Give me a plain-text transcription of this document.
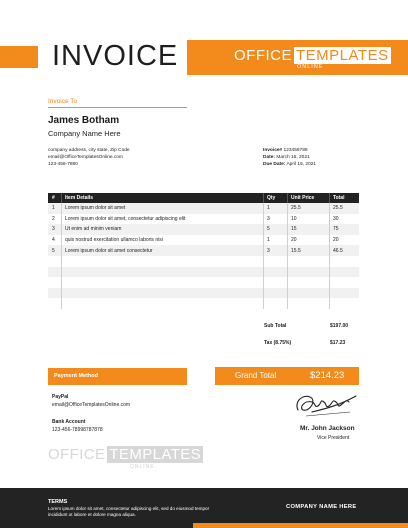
INVOICE	OFFICE TEMPLATES
ONLINE
Invoice To
James Botham
Company Name Here
company address, city state, Zip Code
email@OfficeTemplatesOnline.com
123-456-7880
Invoice# 123456789
Date: March 15, 2021
Due Date: April 15, 2021
#	Item Details	Qty	Unit Price	Total
1	Lorem ipsum dolor sit amet	1	25.5	25.5
2	Lorem ipsum dolor sit amet, consectetur adipiscing elit	3	10	30
3	Ut enim ad minim veniam	5	15	75
4	quis nostrud exercitation ullamco laboris nisi	1	20	20
5	Lorem ipsum dolor sit amet consectetur	3	15.5	46.5
Sub Total	$197.00
Tax (8.75%)	$17.23
Payment Method	Grand Total	$214.23
PayPal
email@OfficeTemplatesOnline.com
Bank Account
123-456-78998787878	Mr. John Jackson
Vice President
OFFICE TEMPLATES
ONLINE
TERMS
Lorem ipsum dolor sit amet, consectetur adipiscing elit, sed do eiusmod tempor incididunt ut labore et dolore magna aliqua.
COMPANY NAME HERE
